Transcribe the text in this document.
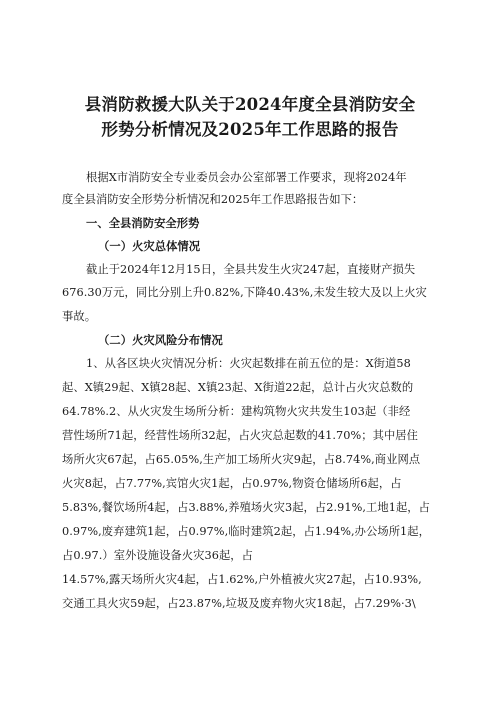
县消防救援大队关于2024年度全县消防安全

形势分析情况及2025年工作思路的报告

根据X市消防安全专业委员会办公室部署工作要求，现将2024年

度全县消防安全形势分析情况和2025年工作思路报告如下：

一、全县消防安全形势

（一）火灾总体情况

截止于2024年12月15日，全县共发生火灾247起，直接财产损失

676.30万元，同比分别上升0.82%,下降40.43%,未发生较大及以上火灾

事故。

（二）火灾风险分布情况

1、从各区块火灾情况分析：火灾起数排在前五位的是：X街道58

起、X镇29起、X镇28起、X镇23起、X街道22起，总计占火灾总数的

64.78%.2、从火灾发生场所分析：建构筑物火灾共发生103起（非经

营性场所71起，经营性场所32起，占火灾总起数的41.70%；其中居住

场所火灾67起，占65.05%,生产加工场所火灾9起，占8.74%,商业网点

火灾8起，占7.77%,宾馆火灾1起，占0.97%,物资仓储场所6起，占

5.83%,餐饮场所4起，占3.88%,养殖场火灾3起，占2.91%,工地1起，占

0.97%,废弃建筑1起，占0.97%,临时建筑2起，占1.94%,办公场所1起，

占0.97.）室外设施设备火灾36起，占

14.57%,露天场所火灾4起，占1.62%,户外植被火灾27起，占10.93%,

交通工具火灾59起，占23.87%,垃圾及废弃物火灾18起，占7.29%·3\
